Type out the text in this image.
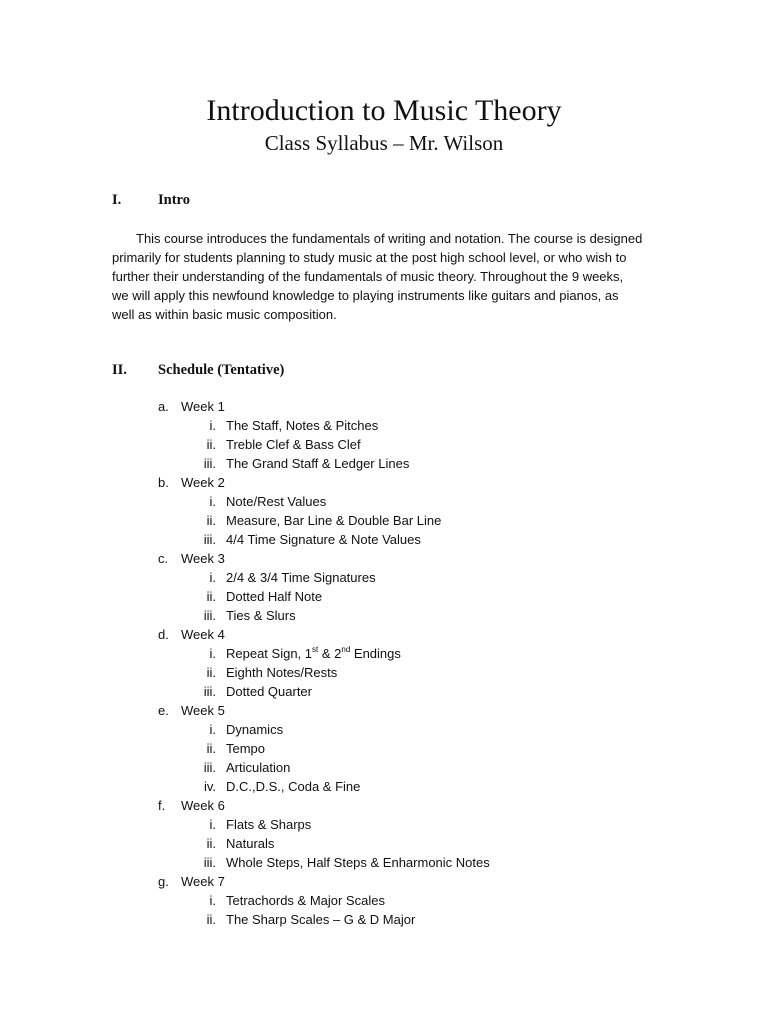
Introduction to Music Theory
Class Syllabus – Mr. Wilson
I.	Intro

This course introduces the fundamentals of writing and notation. The course is designed
primarily for students planning to study music at the post high school level, or who wish to
further their understanding of the fundamentals of music theory. Throughout the 9 weeks,
we will apply this newfound knowledge to playing instruments like guitars and pianos, as
well as within basic music composition.

II. Schedule (Tentative)
a. Week 1
i. The Staff, Notes & Pitches
ii. Treble Clef & Bass Clef
iii. The Grand Staff & Ledger Lines
b. Week 2
i. Note/Rest Values
ii. Measure, Bar Line & Double Bar Line
iii. 4/4 Time Signature & Note Values
c. Week 3
i. 2/4 & 3/4 Time Signatures
ii. Dotted Half Note
iii. Ties & Slurs
d. Week 4
i. Repeat Sign, 1st & 2nd Endings
ii. Eighth Notes/Rests
iii. Dotted Quarter
e. Week 5
i. Dynamics
ii. Tempo
iii. Articulation
iv. D.C.,D.S., Coda & Fine
f.	Week 6
i. Flats & Sharps
ii. Naturals
iii. Whole Steps, Half Steps & Enharmonic Notes
g. Week 7
i. Tetrachords & Major Scales
ii. The Sharp Scales – G & D Major
